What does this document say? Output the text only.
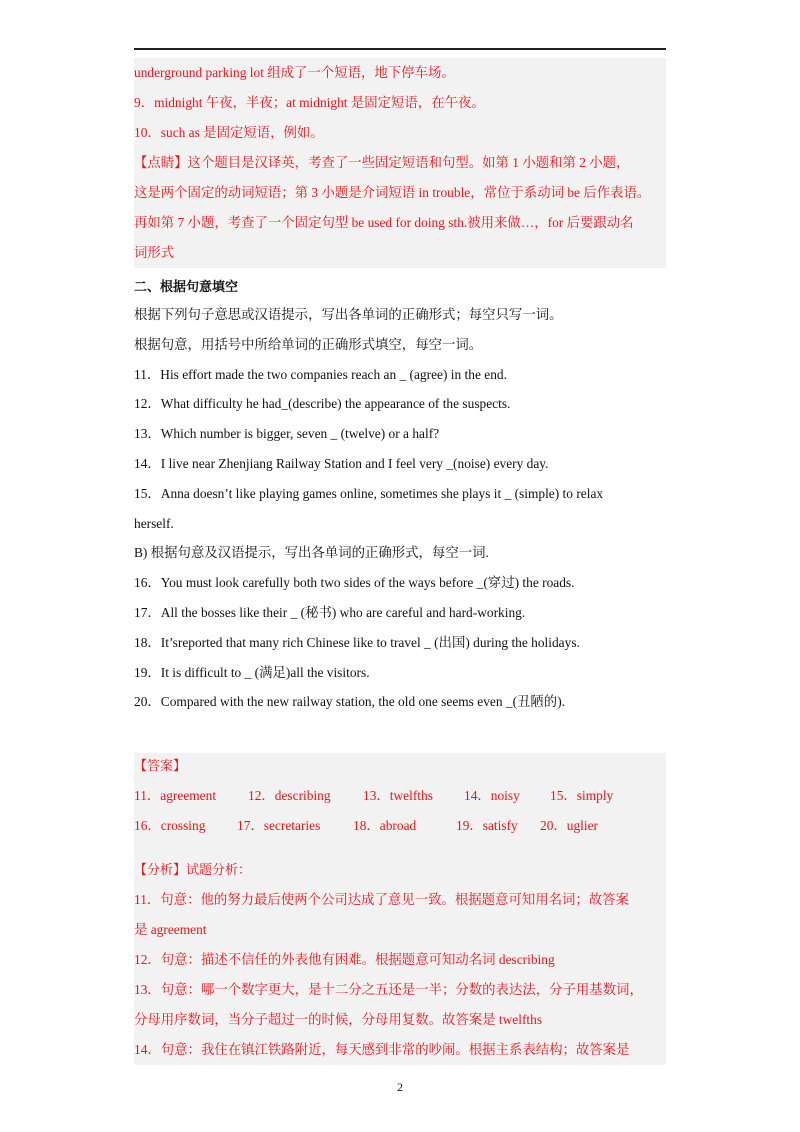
underground parking lot 组成了一个短语，地下停车场。
9．midnight 午夜，半夜；at midnight 是固定短语，在午夜。
10．such as 是固定短语，例如。
【点睛】这个题目是汉译英，考查了一些固定短语和句型。如第 1 小题和第 2 小题，
这是两个固定的动词短语；第 3 小题是介词短语 in trouble，常位于系动词 be 后作表语。
再如第 7 小题，考查了一个固定句型 be used for doing sth.被用来做…，for 后要跟动名
词形式
二、根据句意填空
根据下列句子意思或汉语提示，写出各单词的正确形式；每空只写一词。
根据句意，用括号中所给单词的正确形式填空，每空一词。
11．His effort made the two companies reach an _ (agree) in the end.
12．What difficulty he had_(describe) the appearance of the suspects.
13．Which number is bigger, seven _ (twelve) or a half?
14．I live near Zhenjiang Railway Station and I feel very _(noise) every day.
15．Anna doesn’t like playing games online, sometimes she plays it _ (simple) to relax
herself.
B) 根据句意及汉语提示，写出各单词的正确形式，每空一词.
16．You must look carefully both two sides of the ways before _(穿过) the roads.
17．All the bosses like their _ (秘书) who are careful and hard-working.
18．It’sreported that many rich Chinese like to travel _ (出国) during the holidays.
19．It is difficult to _ (满足)all the visitors.
20．Compared with the new railway station, the old one seems even _(丑陋的).
【答案】
11．agreement	12．describing	13．twelfths	14．noisy	15．simply
16．crossing	17．secretaries	18．abroad	19．satisfy	20．uglier
【分析】试题分析：
11．句意：他的努力最后使两个公司达成了意见一致。根据题意可知用名词；故答案
是 agreement
12．句意：描述不信任的外表他有困难。根据题意可知动名词 describing
13．句意：哪一个数字更大，是十二分之五还是一半；分数的表达法，分子用基数词，
分母用序数词，当分子超过一的时候，分母用复数。故答案是 twelfths
14．句意：我住在镇江铁路附近，每天感到非常的吵闹。根据主系表结构；故答案是
2
